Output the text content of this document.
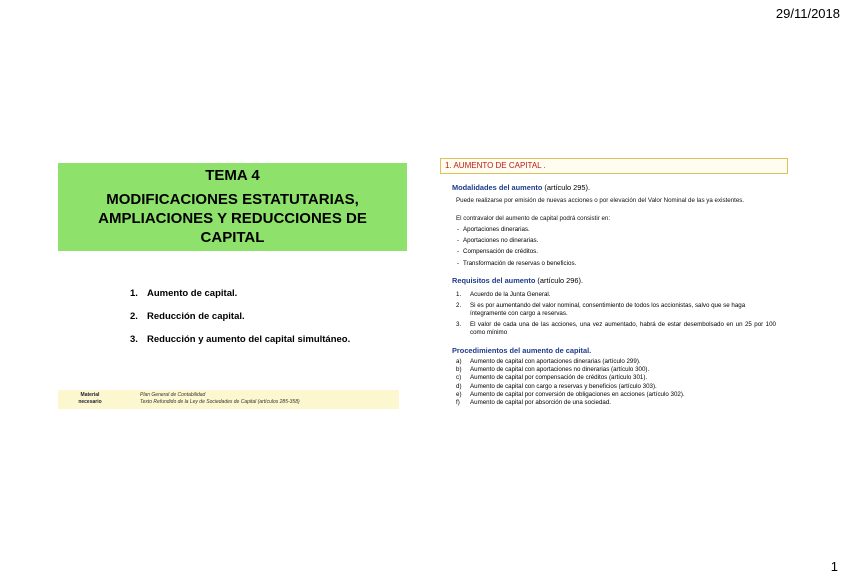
29/11/2018
TEMA 4
MODIFICACIONES ESTATUTARIAS, AMPLIACIONES Y REDUCCIONES DE CAPITAL
1. Aumento de capital.
2. Reducción de capital.
3. Reducción y aumento del capital simultáneo.
Material
necesario
Plan General de Contabilidad
Texto Refundido de la Ley de Sociedades de Capital (artículos 285-358)
1. AUMENTO DE CAPITAL .
Modalidades del aumento (artículo 295).
Puede realizarse por emisión de nuevas acciones o por elevación del Valor Nominal de las ya existentes.
El contravalor del aumento de capital podrá consistir en:
- Aportaciones dinerarias.
- Aportaciones no dinerarias.
- Compensación de créditos.
- Transformación de reservas o beneficios.
Requisitos del aumento (artículo 296).
1.	Acuerdo de la Junta General.
2.	Si es por aumentando del valor nominal, consentimiento de todos los accionistas, salvo que se haga íntegramente con cargo a reservas.
3.	El valor de cada una de las acciones, una vez aumentado, habrá de estar desembolsado en un 25 por 100 como mínimo
Procedimientos del aumento de capital.
a)	Aumento de capital con aportaciones dinerarias (artículo 299).
b)	Aumento de capital con aportaciones no dinerarias (artículo 300).
c)	Aumento de capital por compensación de créditos (artículo 301).
d)	Aumento de capital con cargo a reservas y beneficios (artículo 303).
e)	Aumento de capital por conversión de obligaciones en acciones (artículo 302).
f)	Aumento de capital por absorción de una sociedad.
1
